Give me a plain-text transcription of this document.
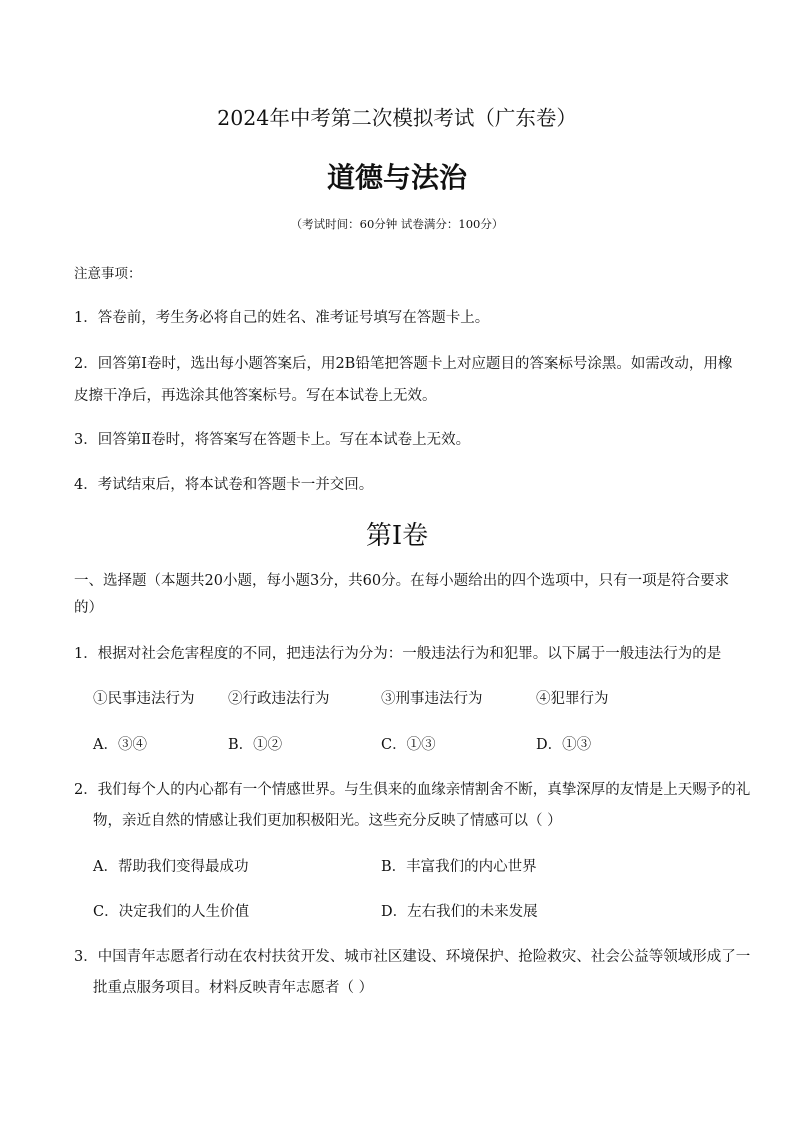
2024年中考第二次模拟考试（广东卷）
道德与法治
（考试时间：60分钟 试卷满分：100分）
注意事项：
1．答卷前，考生务必将自己的姓名、准考证号填写在答题卡上。
2．回答第Ⅰ卷时，选出每小题答案后，用2B铅笔把答题卡上对应题目的答案标号涂黑。如需改动，用橡
皮擦干净后，再选涂其他答案标号。写在本试卷上无效。
3．回答第Ⅱ卷时，将答案写在答题卡上。写在本试卷上无效。
4．考试结束后，将本试卷和答题卡一并交回。
第Ⅰ卷
一、选择题（本题共20小题，每小题3分，共60分。在每小题给出的四个选项中，只有一项是符合要求
的）
1．根据对社会危害程度的不同，把违法行为分为：一般违法行为和犯罪。以下属于一般违法行为的是
①民事违法行为 ②行政违法行为	③刑事违法行为	④犯罪行为
A．③④	B．①②	C．①③	D．①③
2．我们每个人的内心都有一个情感世界。与生俱来的血缘亲情割舍不断，真挚深厚的友情是上天赐予的礼
物，亲近自然的情感让我们更加积极阳光。这些充分反映了情感可以（ ）
A．帮助我们变得最成功	B．丰富我们的内心世界
C．决定我们的人生价值	D．左右我们的未来发展
3．中国青年志愿者行动在农村扶贫开发、城市社区建设、环境保护、抢险救灾、社会公益等领域形成了一
批重点服务项目。材料反映青年志愿者（ ）
